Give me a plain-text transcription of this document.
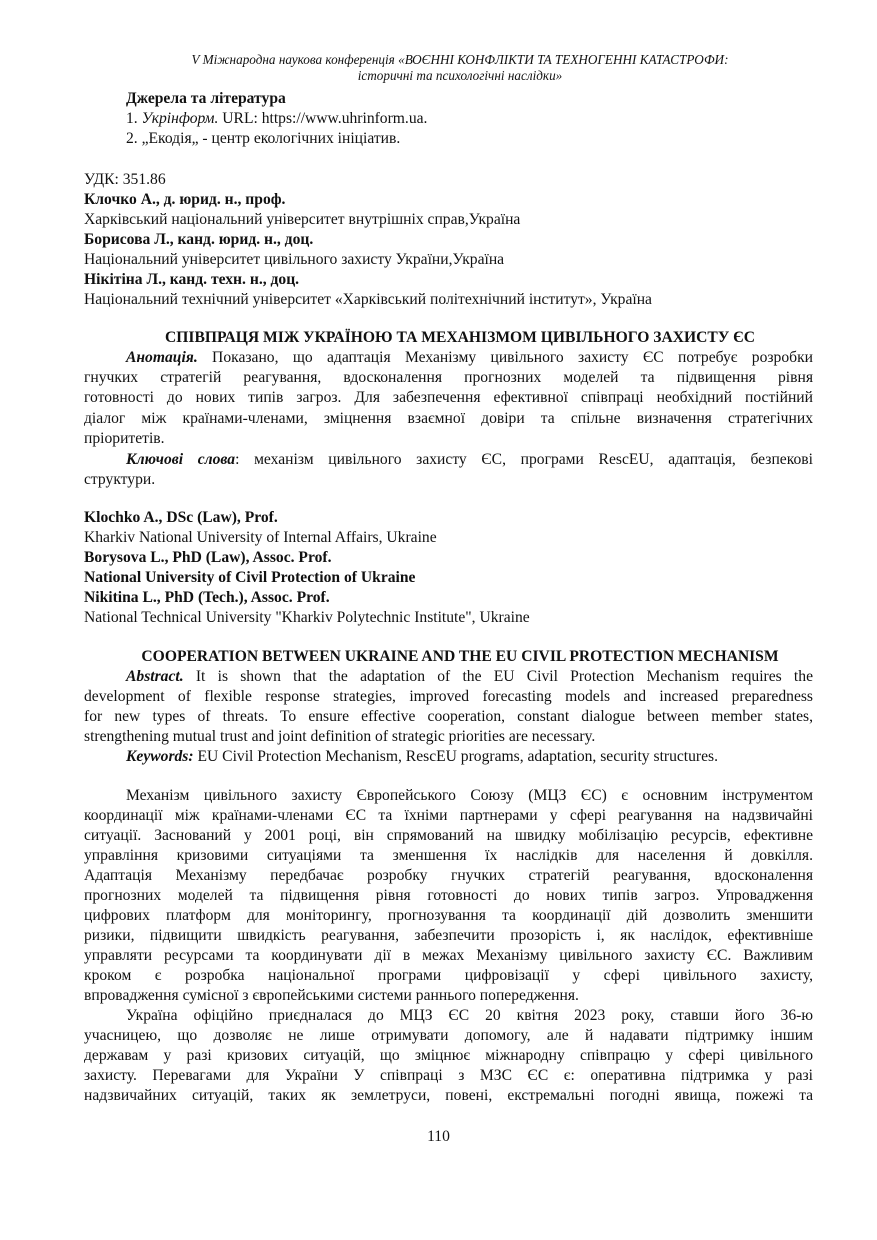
V Міжнародна наукова конференція «ВОЄННІ КОНФЛІКТИ ТА ТЕХНОГЕННІ КАТАСТРОФИ:
історичні та психологічні наслідки»
Джерела та література
1. Укрінформ. URL: https://www.uhrinform.ua.
2. „Екодія„ - центр екологічних ініціатив.
УДК: 351.86
Клочко А., д. юрид. н., проф.
Харківський національний університет внутрішніх справ,Україна
Борисова Л., канд. юрид. н., доц.
Національний університет цивільного захисту України,Україна
Нікітіна Л., канд. техн. н., доц.
Національний технічний університет «Харківський політехнічний інститут», Україна
СПІВПРАЦЯ МІЖ УКРАЇНОЮ ТА МЕХАНІЗМОМ ЦИВІЛЬНОГО ЗАХИСТУ ЄС
Анотація. Показано, що адаптація Механізму цивільного захисту ЄС потребує розробки
гнучких стратегій реагування, вдосконалення прогнозних моделей та підвищення рівня
готовності до нових типів загроз. Для забезпечення ефективної співпраці необхідний постійний
діалог між країнами-членами, зміцнення взаємної довіри та спільне визначення стратегічних
пріоритетів.
Ключові слова: механізм цивільного захисту ЄС, програми RescEU, адаптація, безпекові
структури.
Klochko A., DSc (Law), Prof.
Kharkiv National University of Internal Affairs, Ukraine
Borysova L., PhD (Law), Assoc. Prof.
National University of Civil Protection of Ukraine
Nikitina L., PhD (Tech.), Assoc. Prof.
National Technical University "Kharkiv Polytechnic Institute", Ukraine
COOPERATION BETWEEN UKRAINE AND THE EU CIVIL PROTECTION MECHANISM
Abstract. It is shown that the adaptation of the EU Civil Protection Mechanism requires the
development of flexible response strategies, improved forecasting models and increased preparedness
for new types of threats. To ensure effective cooperation, constant dialogue between member states,
strengthening mutual trust and joint definition of strategic priorities are necessary.
Keywords: EU Civil Protection Mechanism, RescEU programs, adaptation, security structures.
Механізм цивільного захисту Європейського Союзу (МЦЗ ЄС) є основним інструментом
координації між країнами-членами ЄС та їхніми партнерами у сфері реагування на надзвичайні
ситуації. Заснований у 2001 році, він спрямований на швидку мобілізацію ресурсів, ефективне
управління кризовими ситуаціями та зменшення їх наслідків для населення й довкілля.
Адаптація Механізму передбачає розробку гнучких стратегій реагування, вдосконалення
прогнозних моделей та підвищення рівня готовності до нових типів загроз. Упровадження
цифрових платформ для моніторингу, прогнозування та координації дій дозволить зменшити
ризики, підвищити швидкість реагування, забезпечити прозорість і, як наслідок, ефективніше
управляти ресурсами та координувати дії в межах Механізму цивільного захисту ЄС. Важливим
кроком є розробка національної програми цифровізації у сфері цивільного захисту,
впровадження сумісної з європейськими системи раннього попередження.
Україна офіційно приєдналася до МЦЗ ЄС 20 квітня 2023 року, ставши його 36-ю
учасницею, що дозволяє не лише отримувати допомогу, але й надавати підтримку іншим
державам у разі кризових ситуацій, що зміцнює міжнародну співпрацю у сфері цивільного
захисту. Перевагами для України У співпраці з МЗС ЄС є: оперативна підтримка у разі
надзвичайних ситуацій, таких як землетруси, повені, екстремальні погодні явища, пожежі та
110
